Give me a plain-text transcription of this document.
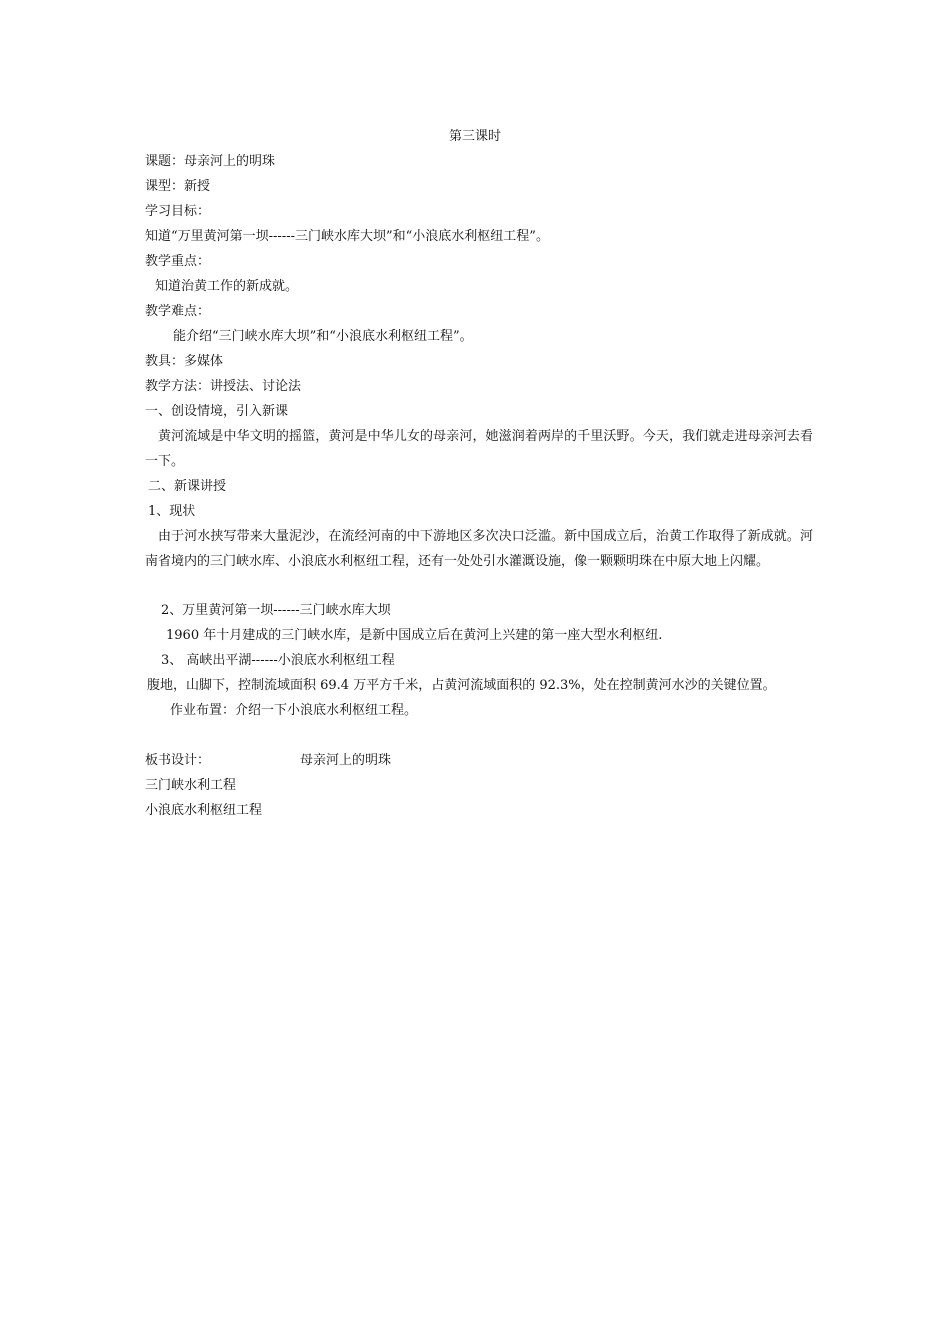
第三课时

课题：母亲河上的明珠

课型：新授

学习目标：

知道“万里黄河第一坝------三门峡水库大坝”和“小浪底水利枢纽工程”。

教学重点：

知道治黄工作的新成就。

教学难点：

能介绍“三门峡水库大坝”和“小浪底水利枢纽工程”。

教具：多媒体

教学方法：讲授法、讨论法

一、创设情境，引入新课

黄河流域是中华文明的摇篮，黄河是中华儿女的母亲河，她滋润着两岸的千里沃野。今天，我们就走进母亲河去看一下。

二、新课讲授

1、现状

由于河水挟写带来大量泥沙，在流经河南的中下游地区多次决口泛滥。新中国成立后，治黄工作取得了新成就。河南省境内的三门峡水库、小浪底水利枢纽工程，还有一处处引水灌溉设施，像一颗颗明珠在中原大地上闪耀。

2、万里黄河第一坝------三门峡水库大坝

1960 年十月建成的三门峡水库，是新中国成立后在黄河上兴建的第一座大型水利枢纽.

3、 高峡出平湖------小浪底水利枢纽工程

腹地，山脚下，控制流域面积 69.4 万平方千米，占黄河流域面积的 92.3%，处在控制黄河水沙的关键位置。

作业布置：介绍一下小浪底水利枢纽工程。

板书设计：	母亲河上的明珠

三门峡水利工程

小浪底水利枢纽工程
